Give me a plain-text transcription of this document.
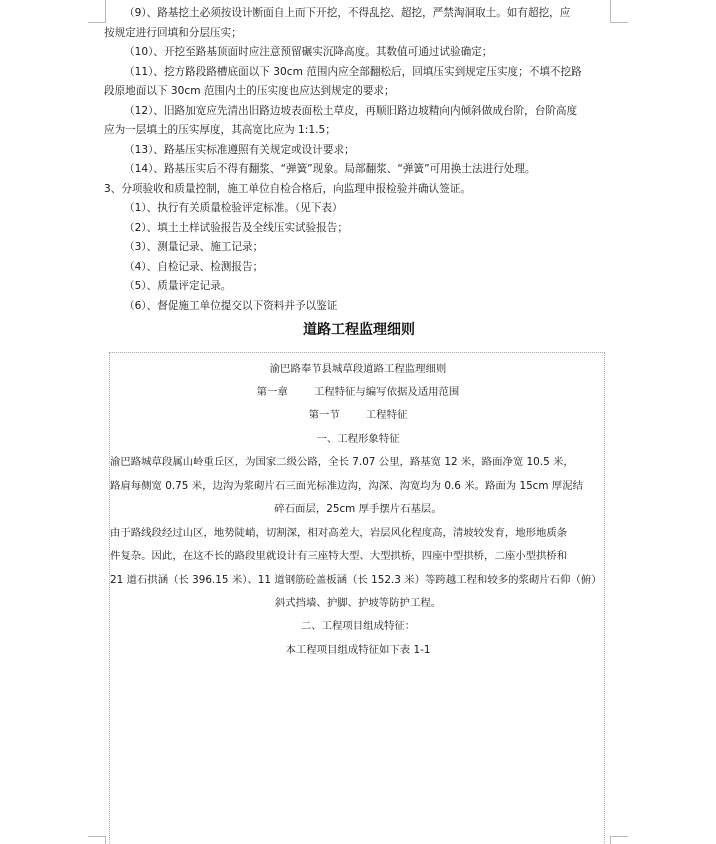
（9）、路基挖土必须按设计断面自上而下开挖，不得乱挖、超挖，严禁淘洞取土。如有超挖，应

按规定进行回填和分层压实；

（10）、开挖至路基顶面时应注意预留碾实沉降高度。其数值可通过试验确定；

（11）、挖方路段路槽底面以下 30cm 范围内应全部翻松后，回填压实到规定压实度；不填不挖路

段原地面以下 30cm 范围内土的压实度也应达到规定的要求；

（12）、旧路加宽应先清出旧路边坡表面松土草皮，再顺旧路边坡精向内倾斜做成台阶，台阶高度

应为一层填土的压实厚度，其高宽比应为 1:1.5；

（13）、路基压实标准遵照有关规定或设计要求；

（14）、路基压实后不得有翻浆、“弹簧”现象。局部翻浆、“弹簧”可用换土法进行处理。

3、分项验收和质量控制，施工单位自检合格后，向监理申报检验并确认签证。

（1）、执行有关质量检验评定标准。（见下表）

（2）、填土土样试验报告及全线压实试验报告；

（3）、测量记录、施工记录；

（4）、自检记录、检测报告；

（5）、质量评定记录。

（6）、督促施工单位提交以下资料并予以鉴证

道路工程监理细则
渝巴路奉节县城草段道路工程监理细则
第一章	工程特征与编写依据及适用范围
第一节	工程特征
一、工程形象特征
渝巴路城草段属山岭重丘区，为国家二级公路，全长 7.07 公里，路基宽 12 米，路面净宽 10.5 米，
路肩每侧宽 0.75 米，边沟为浆砌片石三面光标准边沟，沟深、沟宽均为 0.6 米。路面为 15cm 厚泥结
碎石面层，25cm 厚手摆片石基层。
由于路线段经过山区，地势陡峭，切割深，相对高差大，岩层风化程度高，清坡较发育，地形地质条
件复杂。因此，在这不长的路段里就设计有三座特大型、大型拱桥，四座中型拱桥，二座小型拱桥和
21 道石拱涵（长 396.15 米）、11 道钢筋砼盖板涵（长 152.3 米）等跨越工程和较多的浆砌片石仰（俯）
斜式挡墙、护脚、护坡等防护工程。
二、工程项目组成特征：
本工程项目组成特征如下表 1-1
